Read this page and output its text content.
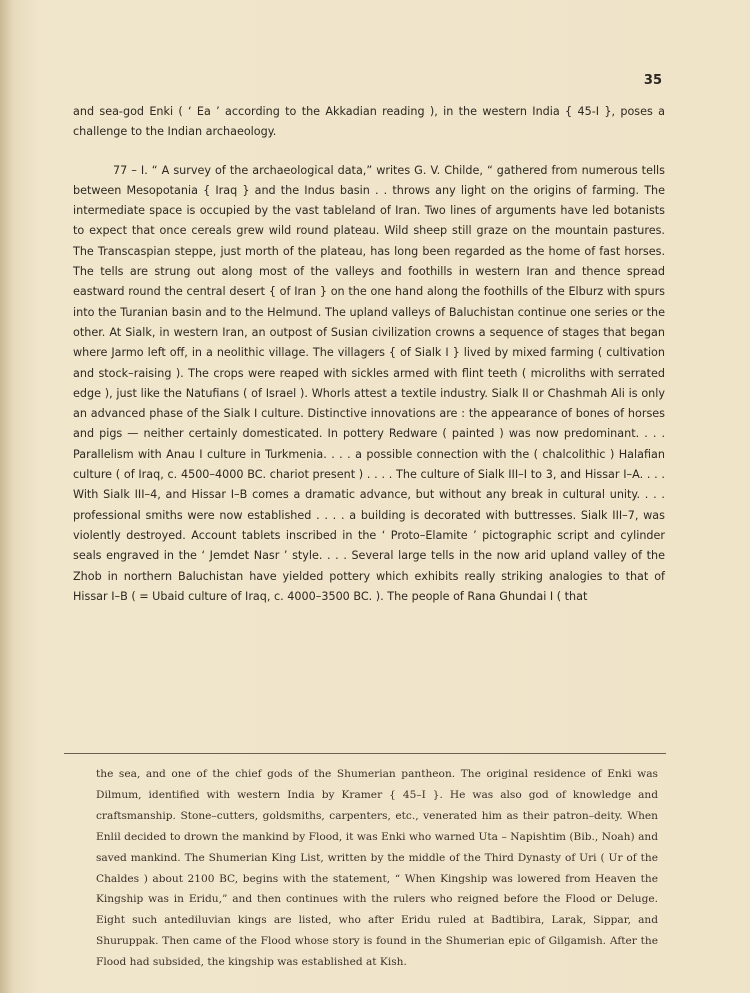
35

and sea-god Enki ( ‘ Ea ’ according to the Akkadian reading ), in the western India { 45-I }, poses a challenge to the Indian archaeology.

77 – I. “ A survey of the archaeological data,” writes G. V. Childe, “ gathered from numerous tells between Mesopotania { Iraq } and the Indus basin . . throws any light on the origins of farming. The intermediate space is occupied by the vast tableland of Iran. Two lines of arguments have led botanists to expect that once cereals grew wild round plateau. Wild sheep still graze on the mountain pastures. The Transcaspian steppe, just morth of the plateau, has long been regarded as the home of fast horses. The tells are strung out along most of the valleys and foothills in western Iran and thence spread eastward round the central desert { of Iran } on the one hand along the foothills of the Elburz with spurs into the Turanian basin and to the Helmund. The upland valleys of Baluchistan continue one series or the other. At Sialk, in western Iran, an outpost of Susian civilization crowns a sequence of stages that began where Jarmo left off, in a neolithic village. The villagers { of Sialk I } lived by mixed farming ( cultivation and stock–raising ). The crops were reaped with sickles armed with flint teeth ( microliths with serrated edge ), just like the Natufians ( of Israel ). Whorls attest a textile industry. Sialk II or Chashmah Ali is only an advanced phase of the Sialk I culture. Distinctive innovations are : the appearance of bones of horses and pigs — neither certainly domesticated. In pottery Redware ( painted ) was now predominant. . . . Parallelism with Anau I culture in Turkmenia. . . . a possible connection with the ( chalcolithic ) Halafian culture ( of Iraq, c. 4500–4000 BC. chariot present ) . . . . The culture of Sialk III–I to 3, and Hissar I–A. . . . With Sialk III–4, and Hissar I–B comes a dramatic advance, but without any break in cultural unity. . . . professional smiths were now established . . . . a building is decorated with buttresses. Sialk III–7, was violently destroyed. Account tablets inscribed in the ‘ Proto–Elamite ’ pictographic script and cylinder seals engraved in the ‘ Jemdet Nasr ’ style. . . . Several large tells in the now arid upland valley of the Zhob in northern Baluchistan have yielded pottery which exhibits really striking analogies to that of Hissar I–B ( = Ubaid culture of Iraq, c. 4000–3500 BC. ). The people of Rana Ghundai I ( that

the sea, and one of the chief gods of the Shumerian pantheon. The original residence of Enki was Dilmum, identified with western India by Kramer { 45–I }. He was also god of knowledge and craftsmanship. Stone–cutters, goldsmiths, carpenters, etc., venerated him as their patron–deity. When Enlil decided to drown the mankind by Flood, it was Enki who warned Uta – Napishtim (Bib., Noah) and saved mankind. The Shumerian King List, written by the middle of the Third Dynasty of Uri ( Ur of the Chaldes ) about 2100 BC, begins with the statement, “ When Kingship was lowered from Heaven the Kingship was in Eridu,” and then continues with the rulers who reigned before the Flood or Deluge. Eight such antediluvian kings are listed, who after Eridu ruled at Badtibira, Larak, Sippar, and Shuruppak. Then came of the Flood whose story is found in the Shumerian epic of Gilgamish. After the Flood had subsided, the kingship was established at Kish.
